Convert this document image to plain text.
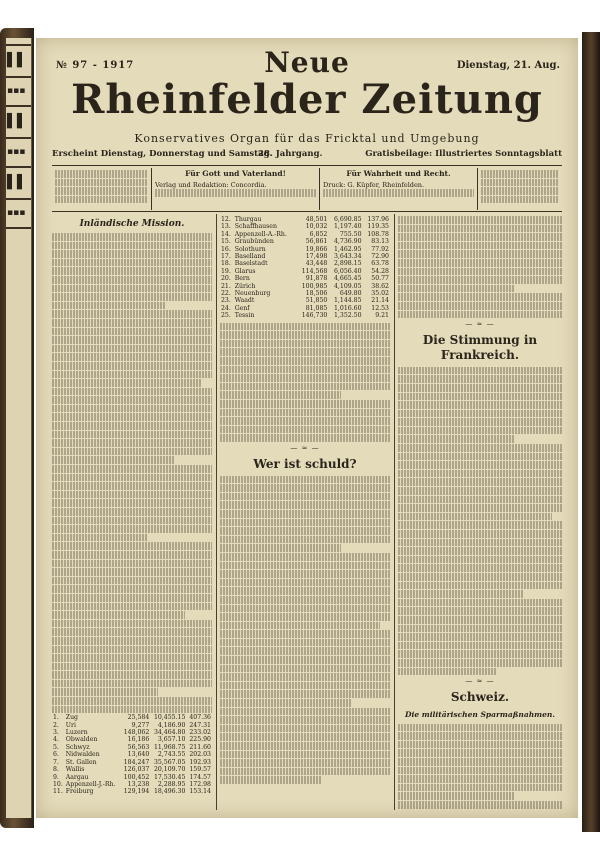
▌▌
▪▪▪
▌▌
▪▪▪
▌▌
▪▪▪
№ 97 - 1917	Dienstag, 21. Aug.
Neue
Rheinfelder Zeitung
Konservatives Organ für das Fricktal und Umgebung
Erscheint Dienstag, Donnerstag und Samstag.
28. Jahrgang.	Gratisbeilage: Illustriertes Sonntagsblatt
Für Gott und Vaterland!
Verlag und Redaktion: Concordia.
Für Wahrheit und Recht.
Druck: G. Küpfer, Rheinfelden.
Inländische Mission.
1.	Zug	25,584	10,455.15	407.36
2.	Uri	9,277	4,186.90	247.31
3.	Luzern	148,062	34,464.80	233.02
4.	Obwalden	16,186	3,657.10	225.90
5.	Schwyz	56,563	11,968.75	211.60
6.	Nidwalden	13,640	2,743.55	202.03
7.	St. Gallen	184,247	35,567.05	192.93
8.	Wallis	126,037	20,109.70	159.57
9.	Aargau	100,452	17,530.45	174.57
10.	Appenzell-J.-Rh.	13,238	2,288.95	172.98
11.	Freiburg	129,194	18,496.30	153.14
12.	Thurgau	48,501	6,690.85	137.96
13.	Schaffhausen	10,032	1,197.40	119.35
14.	Appenzell-A.-Rh.	6,852	755.50	108.78
15.	Graubünden	56,861	4,736.90	83.13
16.	Solothurn	19,866	1,462.95	77.92
17.	Baselland	17,498	3,643.34	72.90
18.	Baselstadt	43,448	2,898.15	63.78
19.	Glarus	114,568	6,056.40	54.28
20.	Bern	91,878	4,665.45	50.77
21.	Zürich	100,985	4,109.05	38.62
22.	Neuenburg	18,506	649.80	35.02
23.	Waadt	51,850	1,144.85	21.14
24.	Genf	81,085	1,016.60	12.53
25.	Tessin	146,730	1,352.50	9.21
— ≈ —
Wer ist schuld?
— ≈ —
Die Stimmung in Frankreich.
— ≈ —
Schweiz.
Die militärischen Sparmaßnahmen.
